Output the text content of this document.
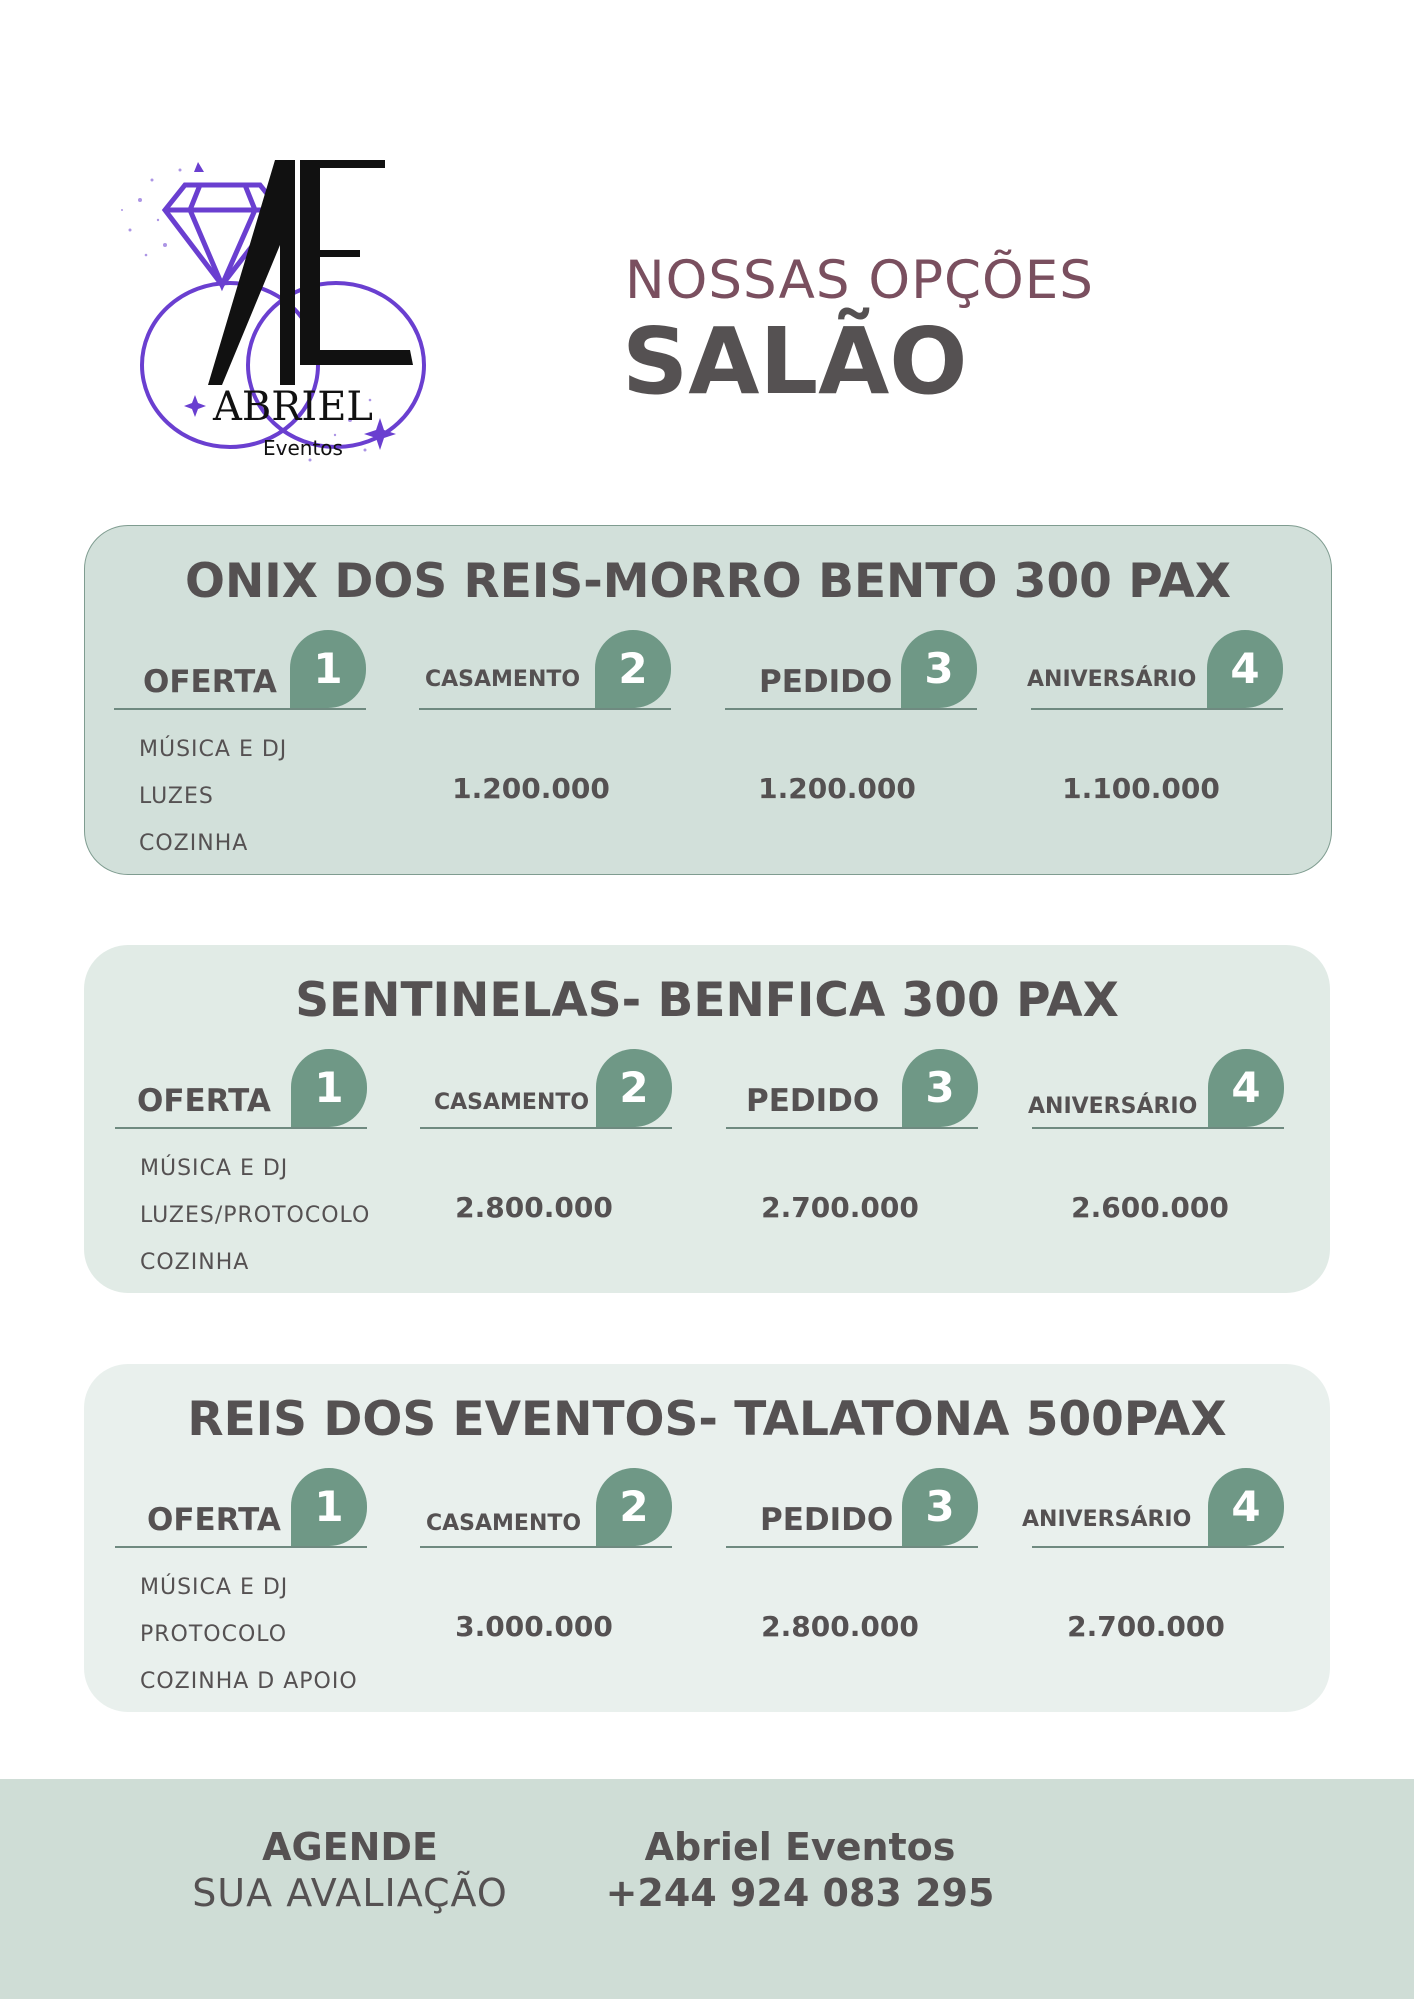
ABRIEL
Eventos
NOSSAS OPÇÕES
SALÃO
ONIX DOS REIS-MORRO BENTO 300 PAX
OFERTA 1	CASAMENTO 2	PEDIDO 3	ANIVERSÁRIO 4
MÚSICA E DJ
LUZES
COZINHA
1.200.000	1.200.000	1.100.000
SENTINELAS- BENFICA 300 PAX
OFERTA	1	CASAMENTO 2	PEDIDO	3	ANIVERSÁRIO 4
MÚSICA E DJ
LUZES/PROTOCOLO
COZINHA
2.800.000	2.700.000	2.600.000
REIS DOS EVENTOS- TALATONA 500PAX
OFERTA 1	CASAMENTO 2	PEDIDO 3	ANIVERSÁRIO 4
MÚSICA E DJ
PROTOCOLO
COZINHA D APOIO
3.000.000	2.800.000	2.700.000
AGENDE
SUA AVALIAÇÃO
Abriel Eventos
+244 924 083 295
